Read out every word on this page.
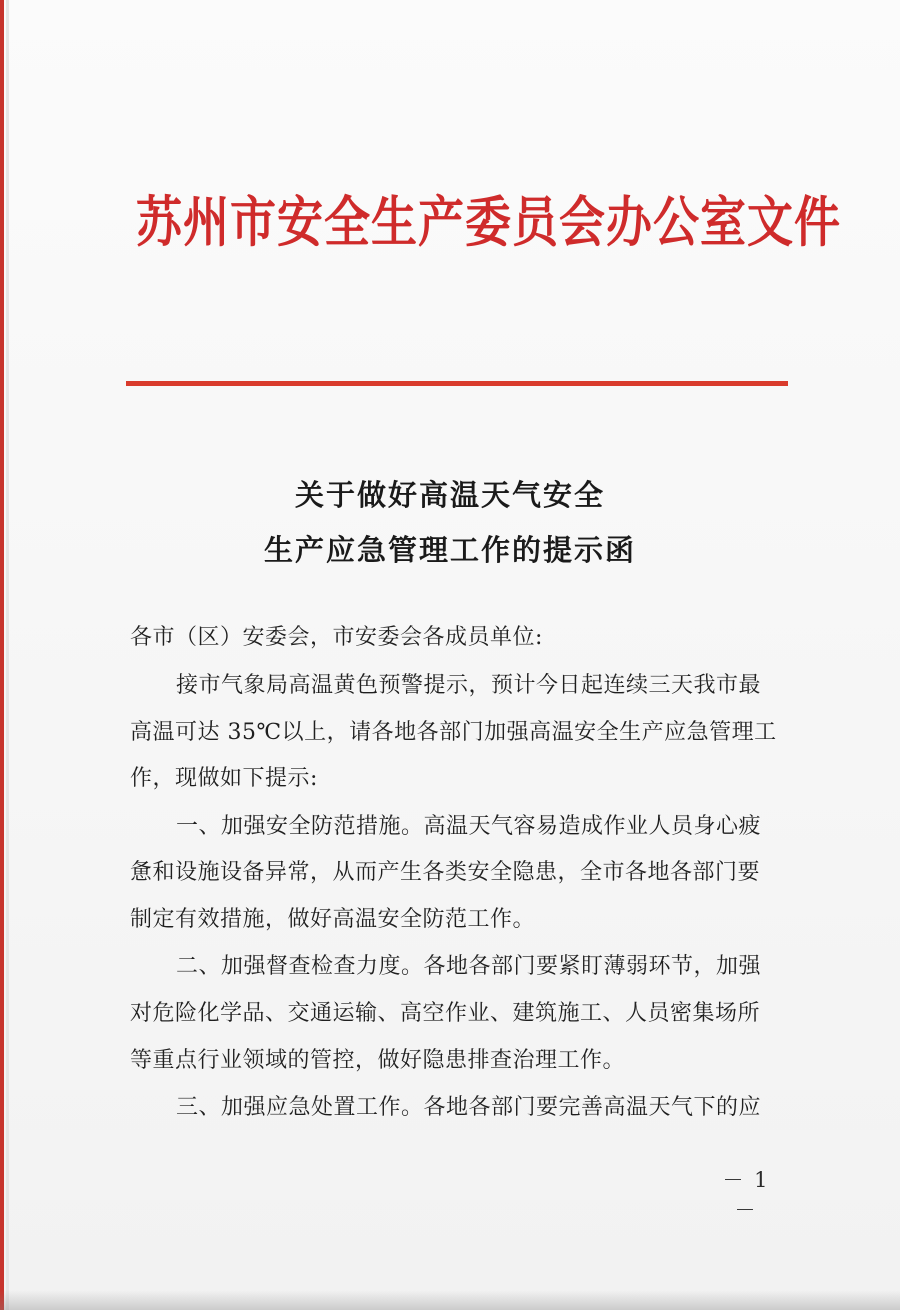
苏州市安全生产委员会办公室文件
关于做好高温天气安全
生产应急管理工作的提示函
各市（区）安委会，市安委会各成员单位:
接市气象局高温黄色预警提示，预计今日起连续三天我市最
高温可达 35℃以上，请各地各部门加强高温安全生产应急管理工
作，现做如下提示:
一、加强安全防范措施。高温天气容易造成作业人员身心疲
惫和设施设备异常，从而产生各类安全隐患，全市各地各部门要
制定有效措施，做好高温安全防范工作。
二、加强督查检查力度。各地各部门要紧盯薄弱环节，加强
对危险化学品、交通运输、高空作业、建筑施工、人员密集场所
等重点行业领域的管控，做好隐患排查治理工作。
三、加强应急处置工作。各地各部门要完善高温天气下的应
－ 1 －
